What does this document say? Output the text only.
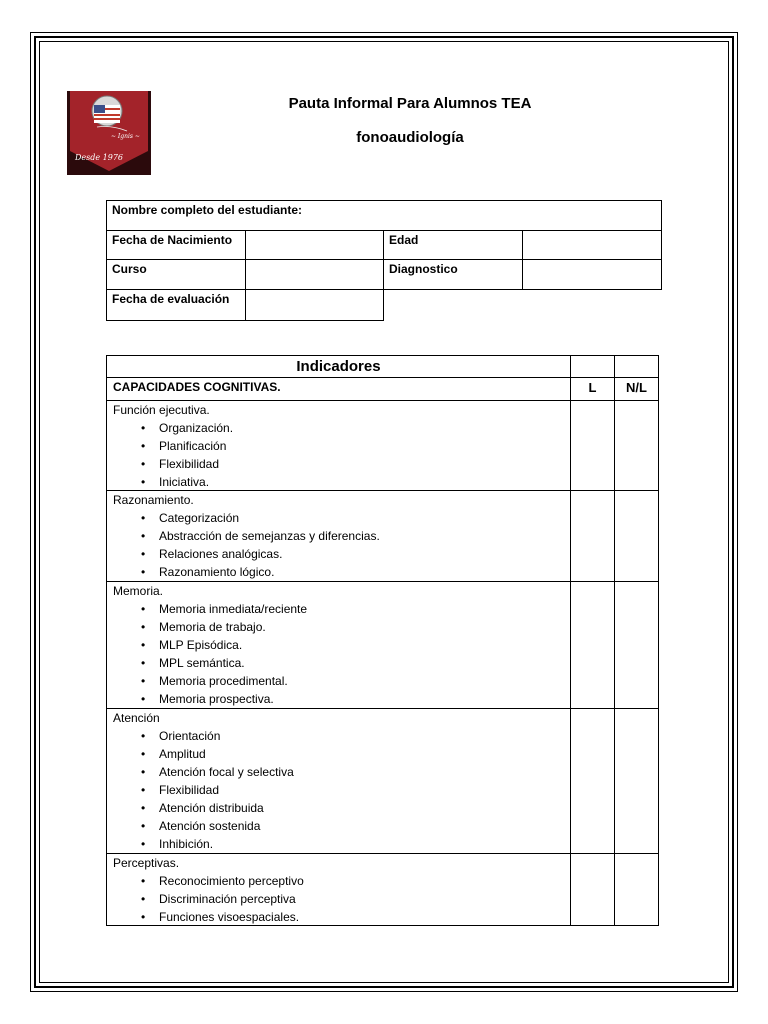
~ Ignis ~
Desde 1976
Pauta Informal Para Alumnos TEA
fonoaudiología
Nombre completo del estudiante:
Fecha de Nacimiento	Edad
Curso	Diagnostico
Fecha de evaluación
Indicadores
CAPACIDADES COGNITIVAS.	L	N/L
Función ejecutiva.
• Organización.
• Planificación
• Flexibilidad
• Iniciativa.
Razonamiento.
• Categorización
• Abstracción de semejanzas y diferencias.
• Relaciones analógicas.
• Razonamiento lógico.
Memoria.
• Memoria inmediata/reciente
• Memoria de trabajo.
• MLP Episódica.
• MPL semántica.
• Memoria procedimental.
• Memoria prospectiva.
Atención
• Orientación
• Amplitud
• Atención focal y selectiva
• Flexibilidad
• Atención distribuida
• Atención sostenida
• Inhibición.
Perceptivas.
• Reconocimiento perceptivo
• Discriminación perceptiva
• Funciones visoespaciales.
